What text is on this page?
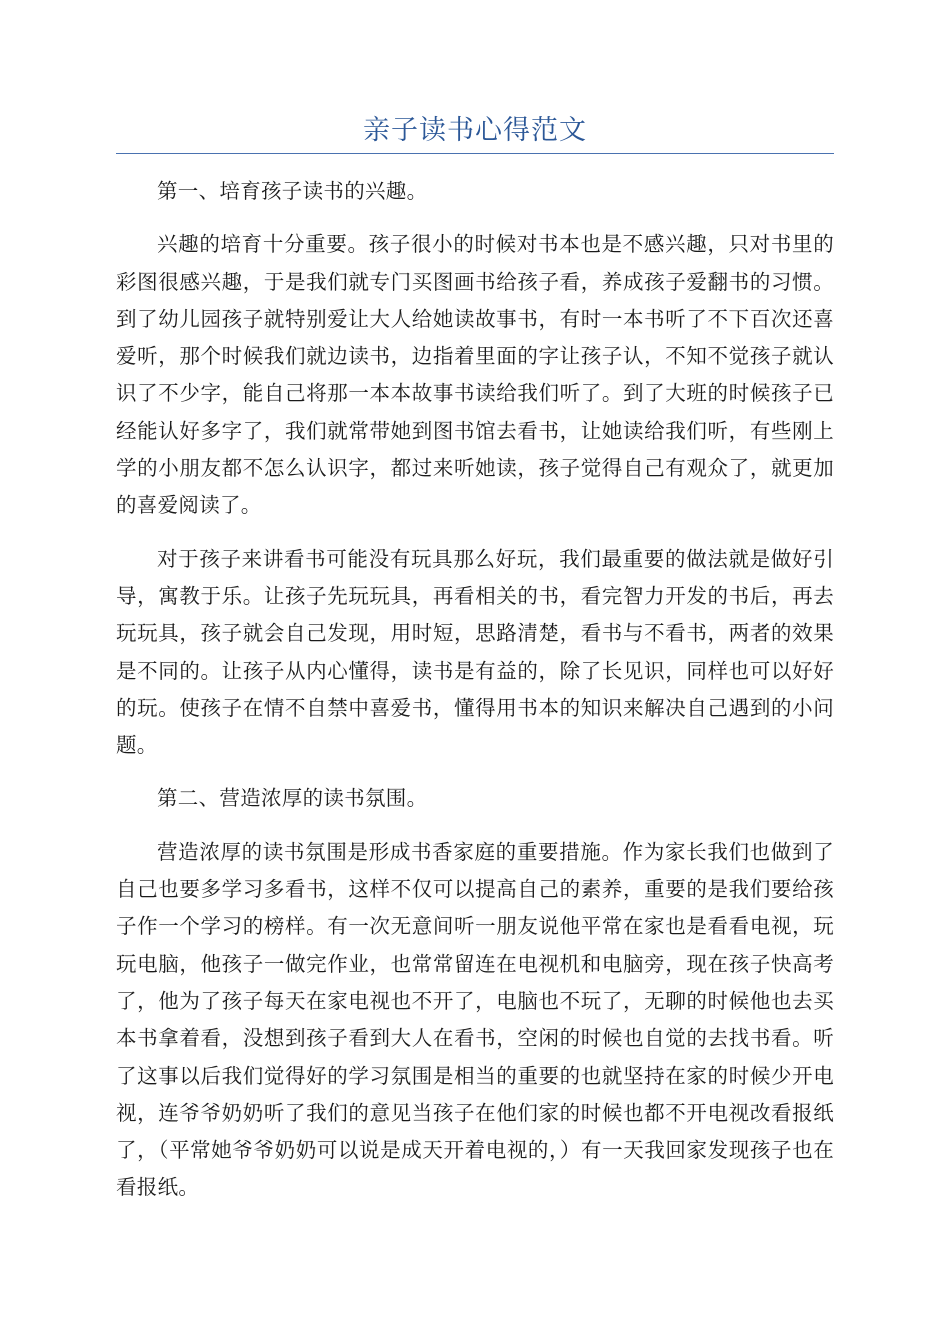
亲子读书心得范文

第一、培育孩子读书的兴趣。

兴趣的培育十分重要。孩子很小的时候对书本也是不感兴趣，只对书里的彩图很感兴趣，于是我们就专门买图画书给孩子看，养成孩子爱翻书的习惯。到了幼儿园孩子就特别爱让大人给她读故事书，有时一本书听了不下百次还喜爱听，那个时候我们就边读书，边指着里面的字让孩子认，不知不觉孩子就认识了不少字，能自己将那一本本故事书读给我们听了。到了大班的时候孩子已经能认好多字了，我们就常带她到图书馆去看书，让她读给我们听，有些刚上学的小朋友都不怎么认识字，都过来听她读，孩子觉得自己有观众了，就更加的喜爱阅读了。

对于孩子来讲看书可能没有玩具那么好玩，我们最重要的做法就是做好引导，寓教于乐。让孩子先玩玩具，再看相关的书，看完智力开发的书后，再去玩玩具，孩子就会自己发现，用时短，思路清楚，看书与不看书，两者的效果是不同的。让孩子从内心懂得，读书是有益的，除了长见识，同样也可以好好的玩。使孩子在情不自禁中喜爱书，懂得用书本的知识来解决自己遇到的小问题。

第二、营造浓厚的读书氛围。

营造浓厚的读书氛围是形成书香家庭的重要措施。作为家长我们也做到了自己也要多学习多看书，这样不仅可以提高自己的素养，重要的是我们要给孩子作一个学习的榜样。有一次无意间听一朋友说他平常在家也是看看电视，玩玩电脑，他孩子一做完作业，也常常留连在电视机和电脑旁，现在孩子快高考了，他为了孩子每天在家电视也不开了，电脑也不玩了，无聊的时候他也去买本书拿着看，没想到孩子看到大人在看书，空闲的时候也自觉的去找书看。听了这事以后我们觉得好的学习氛围是相当的重要的也就坚持在家的时候少开电视，连爷爷奶奶听了我们的意见当孩子在他们家的时候也都不开电视改看报纸了，（平常她爷爷奶奶可以说是成天开着电视的，）有一天我回家发现孩子也在看报纸。
